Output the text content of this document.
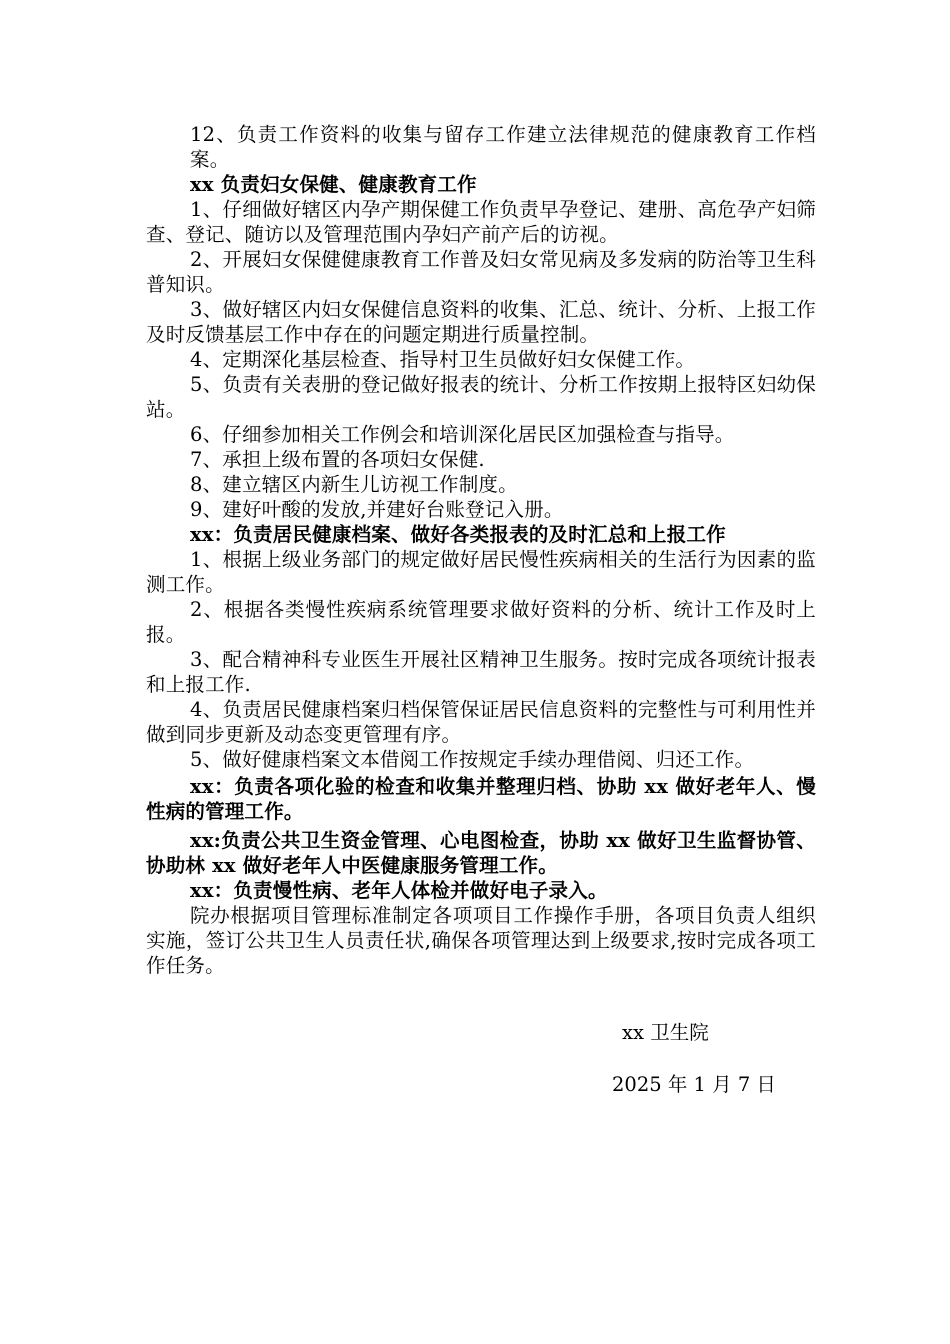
12、负责工作资料的收集与留存工作建立法律规范的健康教育工作档案。

xx 负责妇女保健、健康教育工作

1、仔细做好辖区内孕产期保健工作负责早孕登记、建册、高危孕产妇筛查、登记、随访以及管理范围内孕妇产前产后的访视。

2、开展妇女保健健康教育工作普及妇女常见病及多发病的防治等卫生科普知识。

3、做好辖区内妇女保健信息资料的收集、汇总、统计、分析、上报工作及时反馈基层工作中存在的问题定期进行质量控制。

4、定期深化基层检查、指导村卫生员做好妇女保健工作。

5、负责有关表册的登记做好报表的统计、分析工作按期上报特区妇幼保站。

6、仔细参加相关工作例会和培训深化居民区加强检查与指导。

7、承担上级布置的各项妇女保健.

8、建立辖区内新生儿访视工作制度。

9、建好叶酸的发放,并建好台账登记入册。

xx：负责居民健康档案、做好各类报表的及时汇总和上报工作

1、根据上级业务部门的规定做好居民慢性疾病相关的生活行为因素的监测工作。

2、根据各类慢性疾病系统管理要求做好资料的分析、统计工作及时上报。

3、配合精神科专业医生开展社区精神卫生服务。按时完成各项统计报表和上报工作.

4、负责居民健康档案归档保管保证居民信息资料的完整性与可利用性并做到同步更新及动态变更管理有序。

5、做好健康档案文本借阅工作按规定手续办理借阅、归还工作。

xx：负责各项化验的检查和收集并整理归档、协助 xx 做好老年人、慢性病的管理工作。

xx:负责公共卫生资金管理、心电图检查，协助 xx 做好卫生监督协管、协助林 xx 做好老年人中医健康服务管理工作。

xx：负责慢性病、老年人体检并做好电子录入。

院办根据项目管理标准制定各项项目工作操作手册，各项目负责人组织实施，签订公共卫生人员责任状,确保各项管理达到上级要求,按时完成各项工作任务。

xx 卫生院

2025 年 1 月 7 日
